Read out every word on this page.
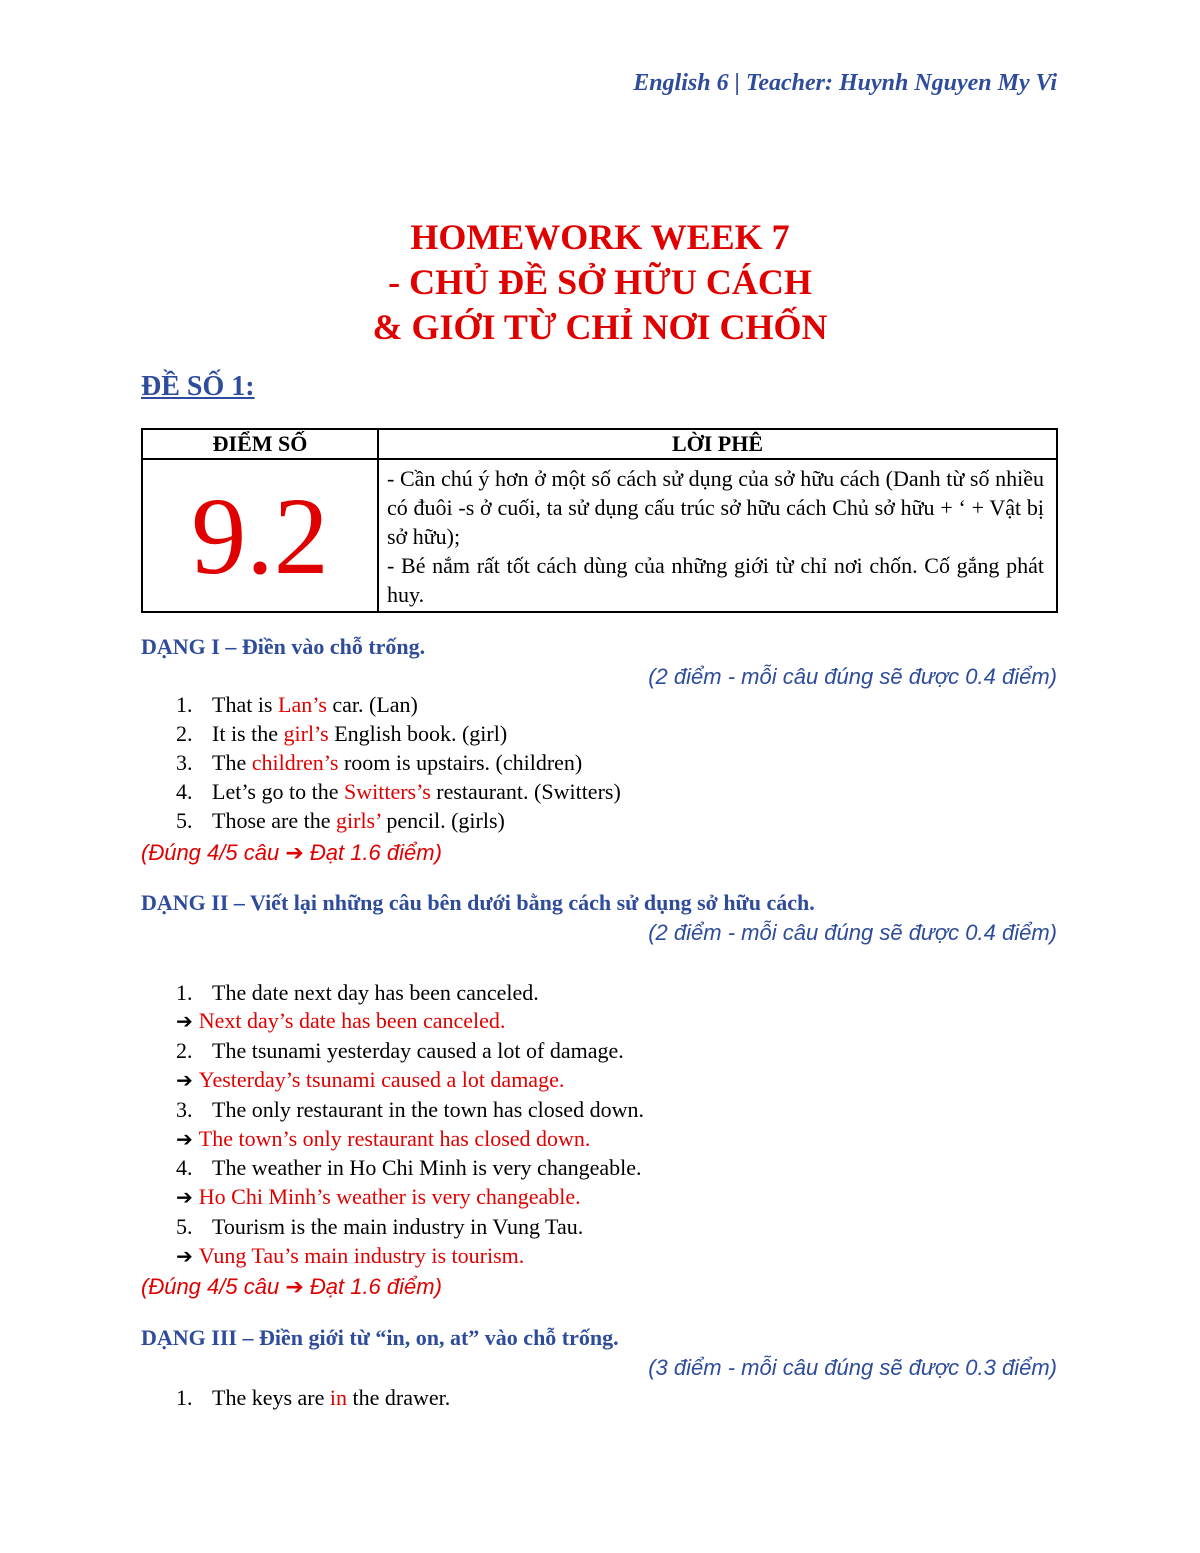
English 6 | Teacher: Huynh Nguyen My Vi
HOMEWORK WEEK 7
- CHỦ ĐỀ SỞ HỮU CÁCH
& GIỚI TỪ CHỈ NƠI CHỐN
ĐỀ SỐ 1:
ĐIỂM SỐ	LỜI PHÊ
9.2	- Cần chú ý hơn ở một số cách sử dụng của sở hữu cách (Danh từ số nhiều có đuôi -s ở cuối, ta sử dụng cấu trúc sở hữu cách Chủ sở hữu + ‘ + Vật bị sở hữu);

- Bé nắm rất tốt cách dùng của những giới từ chỉ nơi chốn. Cố gắng phát huy.

DẠNG I – Điền vào chỗ trống.
(2 điểm - mỗi câu đúng sẽ được 0.4 điểm)
1. That is Lan’s car. (Lan)
2. It is the girl’s English book. (girl)
3. The children’s room is upstairs. (children)
4. Let’s go to the Switters’s restaurant. (Switters)
5. Those are the girls’ pencil. (girls)
(Đúng 4/5 câu ➔ Đạt 1.6 điểm)
DẠNG II – Viết lại những câu bên dưới bằng cách sử dụng sở hữu cách.
(2 điểm - mỗi câu đúng sẽ được 0.4 điểm)
1. The date next day has been canceled.
➔ Next day’s date has been canceled.
2. The tsunami yesterday caused a lot of damage.
➔ Yesterday’s tsunami caused a lot damage.
3. The only restaurant in the town has closed down.
➔ The town’s only restaurant has closed down.
4. The weather in Ho Chi Minh is very changeable.
➔ Ho Chi Minh’s weather is very changeable.
5. Tourism is the main industry in Vung Tau.
➔ Vung Tau’s main industry is tourism.
(Đúng 4/5 câu ➔ Đạt 1.6 điểm)
DẠNG III – Điền giới từ “in, on, at” vào chỗ trống.
(3 điểm - mỗi câu đúng sẽ được 0.3 điểm)
1. The keys are in the drawer.
